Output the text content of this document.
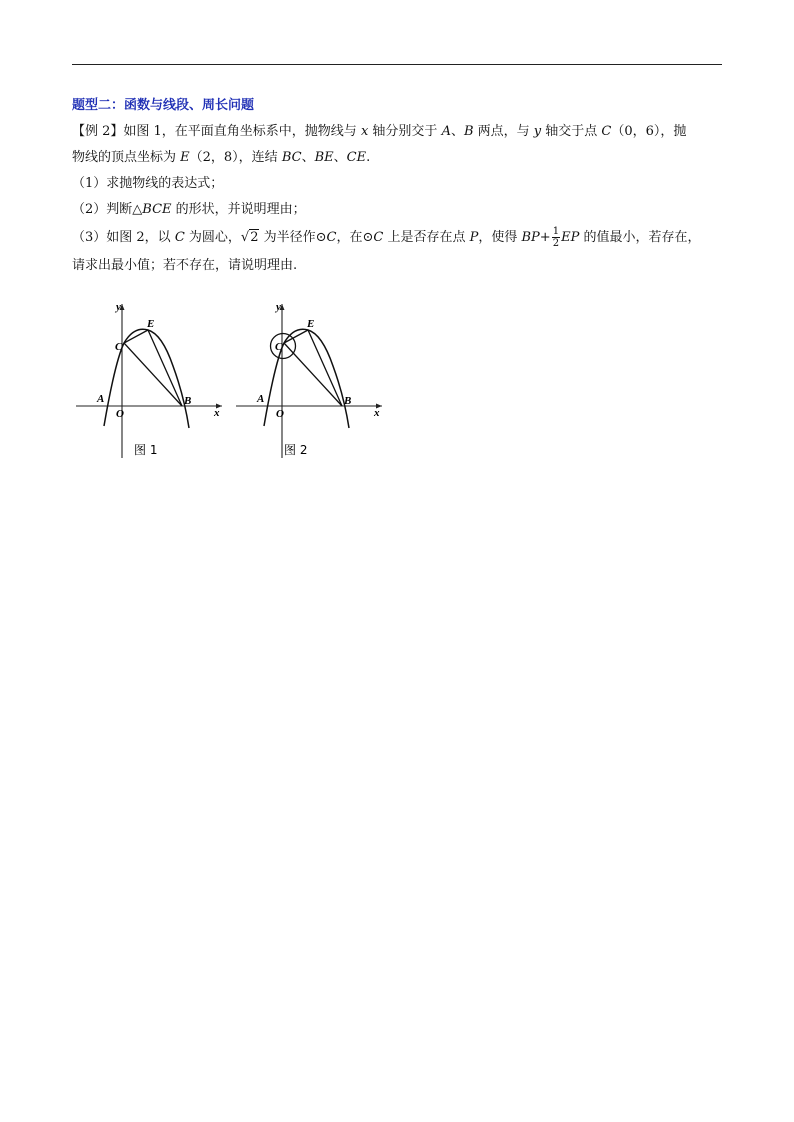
题型二：函数与线段、周长问题
【例 2】如图 1，在平面直角坐标系中，抛物线与 x 轴分别交于 A、B 两点，与 y 轴交于点 C（0，6），抛
物线的顶点坐标为 E（2，8），连结 BC、BE、CE.
（1）求抛物线的表达式；
（2）判断△BCE 的形状，并说明理由；
（3）如图 2，以 C 为圆心，√2 为半径作⊙C，在⊙C 上是否存在点 P，使得 $BP+ \frac{1}{2}$ EP 的值最小，若存在，
请求出最小值；若不存在，请说明理由.
y
E
C
A
O
B
x
图 1
y
E
C
A
O
B
x
图 2
